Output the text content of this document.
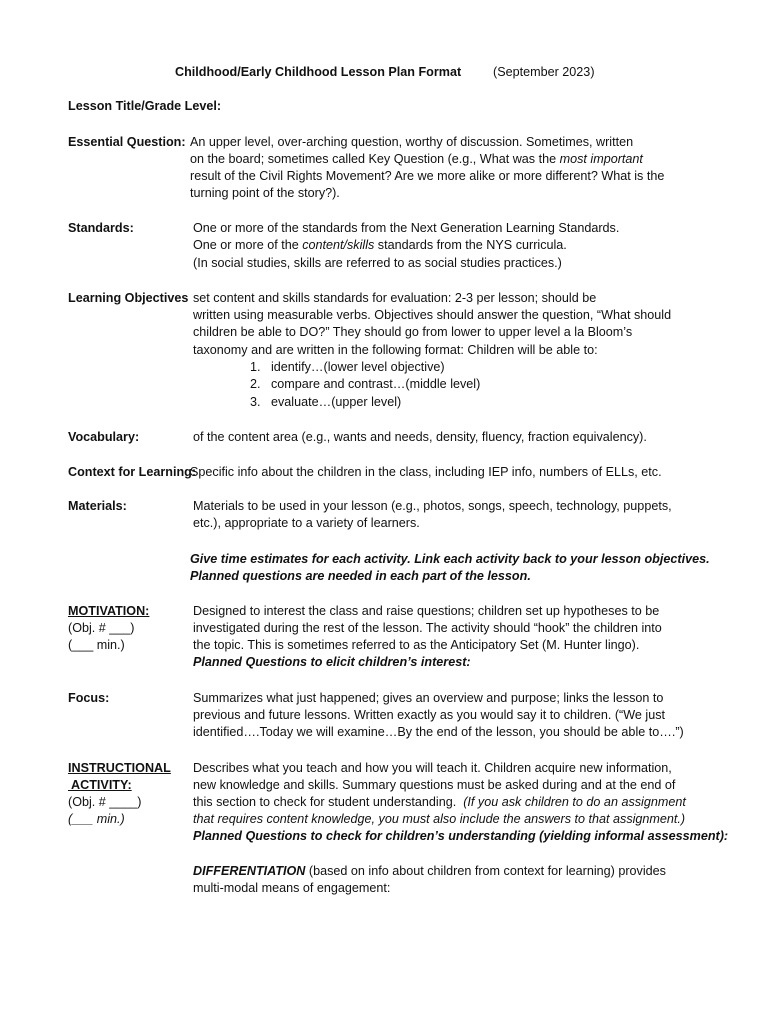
Childhood/Early Childhood Lesson Plan Format	(September 2023)

Lesson Title/Grade Level:

Essential Question: An upper level, over-arching question, worthy of discussion. Sometimes, written

on the board; sometimes called Key Question (e.g., What was the most important

result of the Civil Rights Movement? Are we more alike or more different? What is the

turning point of the story?).

Standards:	One or more of the standards from the Next Generation Learning Standards.

One or more of the content/skills standards from the NYS curricula.

(In social studies, skills are referred to as social studies practices.)

Learning Objectives set content and skills standards for evaluation: 2-3 per lesson; should be

written using measurable verbs. Objectives should answer the question, “What should

children be able to DO?” They should go from lower to upper level a la Bloom’s

taxonomy and are written in the following format: Children will be able to:

1. identify…(lower level objective)
2. compare and contrast…(middle level)
3. evaluate…(upper level)

Vocabulary:	of the content area (e.g., wants and needs, density, fluency, fraction equivalency).

Context for Learning:

Specific info about the children in the class, including IEP info, numbers of ELLs, etc.

Materials:	Materials to be used in your lesson (e.g., photos, songs, speech, technology, puppets,

etc.), appropriate to a variety of learners.

Give time estimates for each activity. Link each activity back to your lesson objectives.

Planned questions are needed in each part of the lesson.

MOTIVATION:

(Obj. # ___)

(___ min.)

Designed to interest the class and raise questions; children set up hypotheses to be

investigated during the rest of the lesson. The activity should “hook” the children into

the topic. This is sometimes referred to as the Anticipatory Set (M. Hunter lingo).

Planned Questions to elicit children’s interest:

Focus:	Summarizes what just happened; gives an overview and purpose; links the lesson to

previous and future lessons. Written exactly as you would say it to children. (“We just

identified….Today we will examine…By the end of the lesson, you should be able to….”)

INSTRUCTIONAL

ACTIVITY:

(Obj. # ____)

(___ min.)

Describes what you teach and how you will teach it. Children acquire new information,

new knowledge and skills. Summary questions must be asked during and at the end of

this section to check for student understanding.  (If you ask children to do an assignment

that requires content knowledge, you must also include the answers to that assignment.)

Planned Questions to check for children’s understanding (yielding informal assessment):

DIFFERENTIATION (based on info about children from context for learning) provides

multi-modal means of engagement:
